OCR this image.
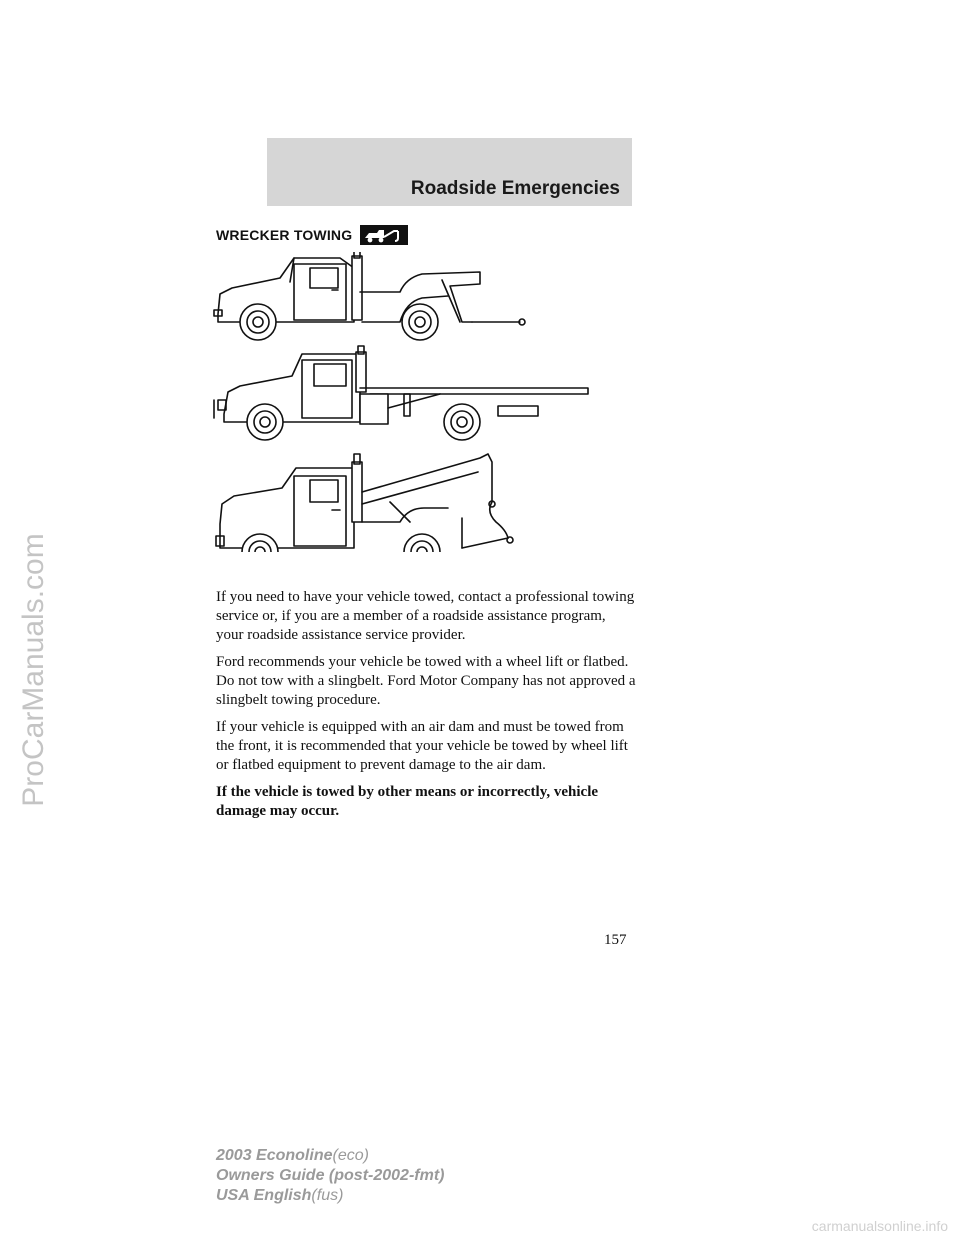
ProCarManuals.com
Roadside Emergencies
WRECKER TOWING

If you need to have your vehicle towed, contact a professional towing service or, if you are a member of a roadside assistance program, your roadside assistance service provider.

Ford recommends your vehicle be towed with a wheel lift or flatbed. Do not tow with a slingbelt. Ford Motor Company has not approved a slingbelt towing procedure.

If your vehicle is equipped with an air dam and must be towed from the front, it is recommended that your vehicle be towed by wheel lift or flatbed equipment to prevent damage to the air dam.

If the vehicle is towed by other means or incorrectly, vehicle damage may occur.

157
2003 Econoline(eco)
Owners Guide (post-2002-fmt)
USA English(fus)
carmanualsonline.info
